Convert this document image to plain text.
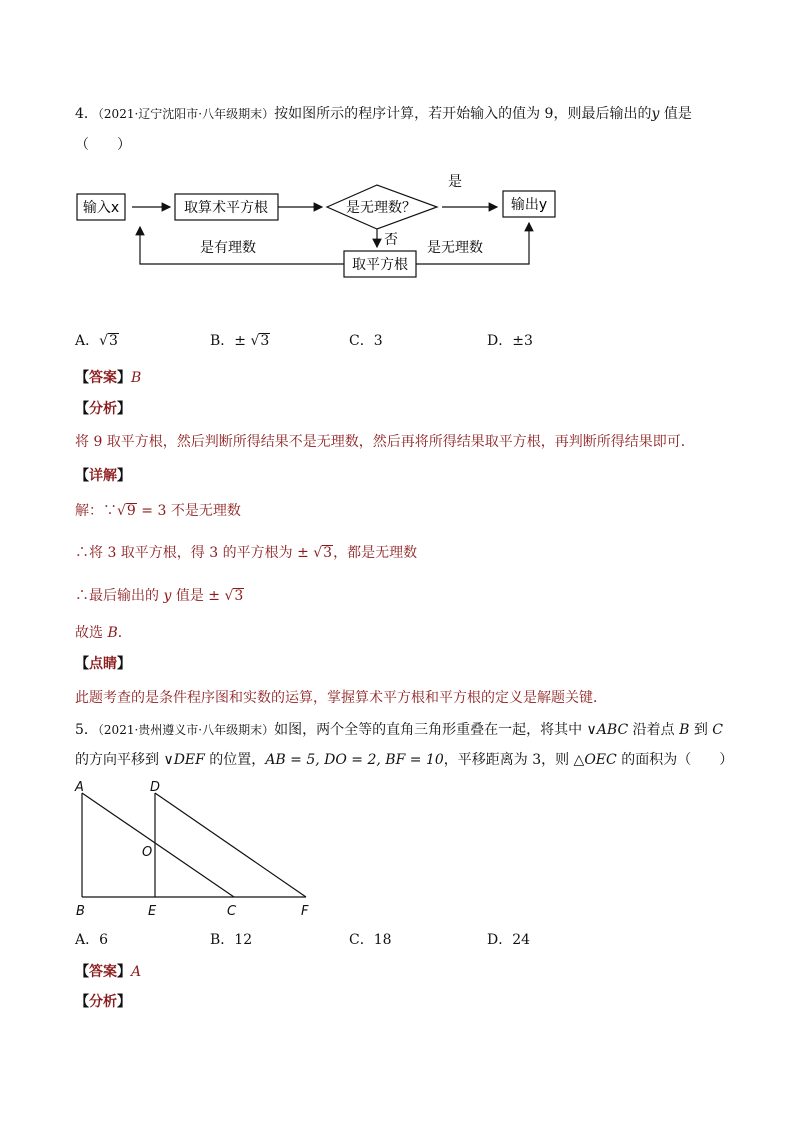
4．（2021·辽宁沈阳市·八年级期末）按如图所示的程序计算，若开始输入的值为 9，则最后输出的y 值是
（　　）
输入x	取算术平方根	是无理数？
是
输出y
否
取平方根
是有理数	是无理数
A．√3	B．± √3	C．3	D．±3
【答案】B
【分析】
将 9 取平方根，然后判断所得结果不是无理数，然后再将所得结果取平方根，再判断所得结果即可．
【详解】
解：∵√9 = 3 不是无理数
∴将 3 取平方根，得 3 的平方根为 ± √3，都是无理数
∴最后输出的 y 值是 ± √3
故选 B．
【点睛】
此题考查的是条件程序图和实数的运算，掌握算术平方根和平方根的定义是解题关键．
5．（2021·贵州遵义市·八年级期末）如图，两个全等的直角三角形重叠在一起，将其中 ∨ABC 沿着点 B 到 C
的方向平移到 ∨DEF 的位置，AB = 5, DO = 2, BF = 10，平移距离为 3，则 △OEC 的面积为（　　）
A	D
O
B	E	C	F
A．6	B．12	C．18	D．24
【答案】A
【分析】
